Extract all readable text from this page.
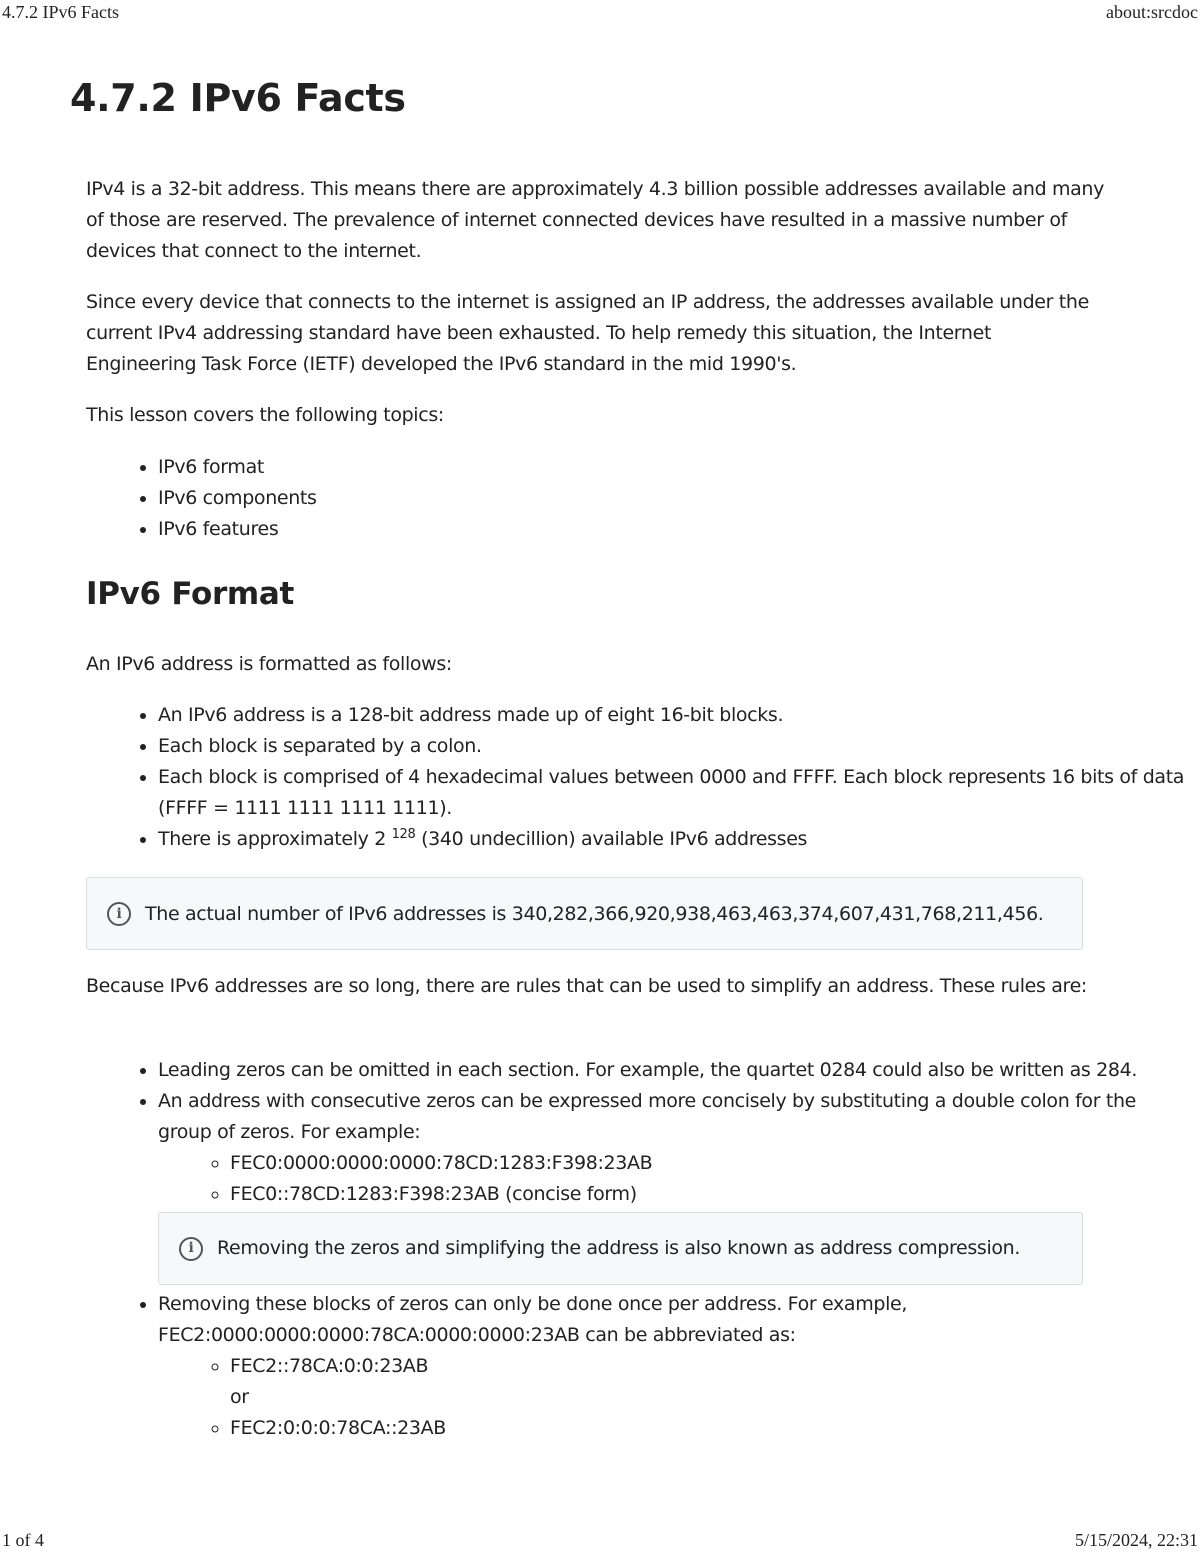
4.7.2 IPv6 Facts	about:srcdoc
4.7.2 IPv6 Facts

IPv4 is a 32-bit address. This means there are approximately 4.3 billion possible addresses available and many of those are reserved. The prevalence of internet connected devices have resulted in a massive number of devices that connect to the internet.

Since every device that connects to the internet is assigned an IP address, the addresses available under the current IPv4 addressing standard have been exhausted. To help remedy this situation, the Internet Engineering Task Force (IETF) developed the IPv6 standard in the mid 1990's.

This lesson covers the following topics:

• IPv6 format
• IPv6 components
• IPv6 features
IPv6 Format

An IPv6 address is formatted as follows:

• An IPv6 address is a 128-bit address made up of eight 16-bit blocks.
• Each block is separated by a colon.
• Each block is comprised of 4 hexadecimal values between 0000 and FFFF. Each block represents 16 bits of data (FFFF = 1111 1111 1111 1111).
• There is approximately 2 $^{128}$ (340 undecillion) available IPv6 addresses
i	The actual number of IPv6 addresses is 340,282,366,920,938,463,463,374,607,431,768,211,456.

Because IPv6 addresses are so long, there are rules that can be used to simplify an address. These rules are:

• Leading zeros can be omitted in each section. For example, the quartet 0284 could also be written as 284.
• An address with consecutive zeros can be expressed more concisely by substituting a double colon for the group of zeros. For example:
◦ FEC0:0000:0000:0000:78CD:1283:F398:23AB
◦ FEC0::78CD:1283:F398:23AB (concise form)
i	Removing the zeros and simplifying the address is also known as address compression.
• Removing these blocks of zeros can only be done once per address. For example, FEC2:0000:0000:0000:78CA:0000:0000:23AB can be abbreviated as:
◦ FEC2::78CA:0:0:23AB
or
◦ FEC2:0:0:0:78CA::23AB
1 of 4	5/15/2024, 22:31
